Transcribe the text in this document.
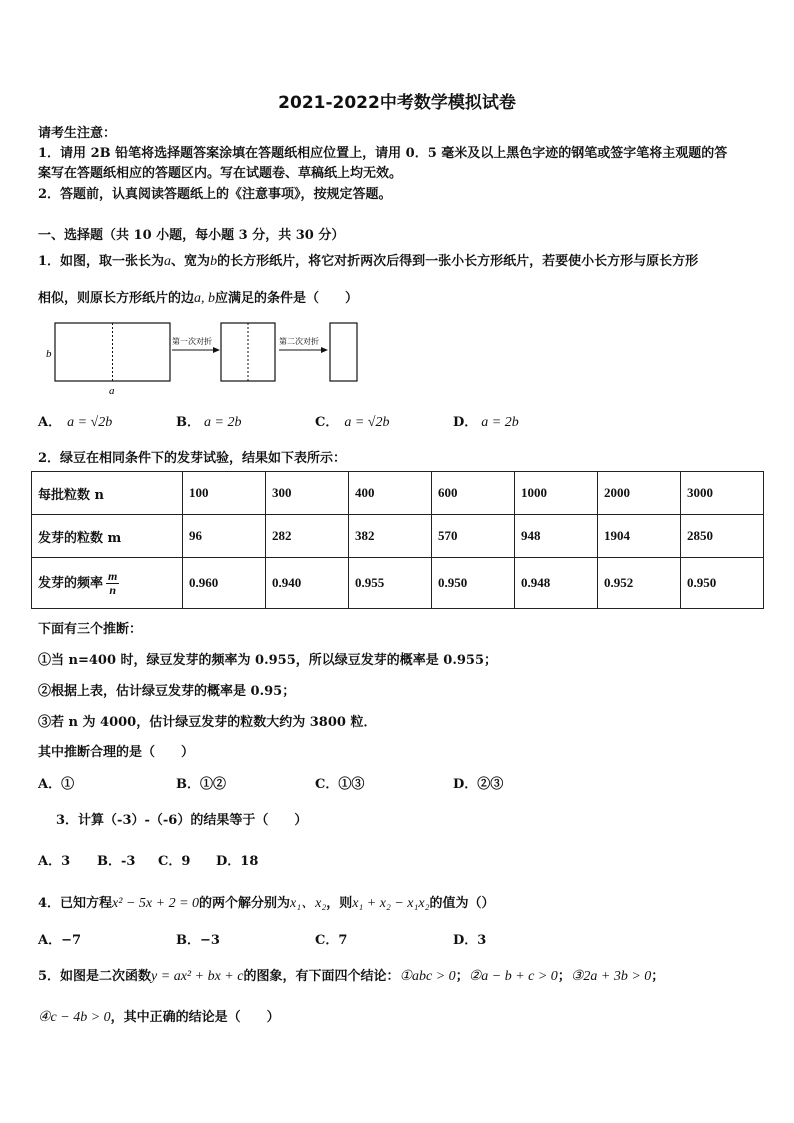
2021-2022中考数学模拟试卷
请考生注意：
1．请用 2B 铅笔将选择题答案涂填在答题纸相应位置上，请用 0．5 毫米及以上黑色字迹的钢笔或签字笔将主观题的答
案写在答题纸相应的答题区内。写在试题卷、草稿纸上均无效。
2．答题前，认真阅读答题纸上的《注意事项》，按规定答题。
一、选择题（共 10 小题，每小题 3 分，共 30 分）
1．如图，取一张长为a、宽为b的长方形纸片，将它对折两次后得到一张小长方形纸片，若要使小长方形与原长方形
相似，则原长方形纸片的边a, b应满足的条件是（　　）
b
a
第一次对折	第二次对折
A． a = √2b	B． a = 2b	C． a = √2b	D． a = 2b
2．绿豆在相同条件下的发芽试验，结果如下表所示：
每批粒数 n	100	300	400	600	1000	2000	3000
发芽的粒数 m	96	282	382	570	948	1904	2850
发芽的频率 $\frac{m}{n}$	0.960	0.940	0.955	0.950	0.948	0.952	0.950
下面有三个推断：
①当 n=400 时，绿豆发芽的频率为 0.955，所以绿豆发芽的概率是 0.955；
②根据上表，估计绿豆发芽的概率是 0.95；
③若 n 为 4000，估计绿豆发芽的粒数大约为 3800 粒．
其中推断合理的是（　　）
A．①	B．①②	C．①③	D．②③
3．计算（-3）-（-6）的结果等于（　　）
A．3 B．-3 C．9 D．18
4．已知方程x² − 5x + 2 = 0的两个解分别为x₁、x₂，则x₁ + x₂ − x₁x₂的值为（）
A．−7	B．−3	C．7	D．3
5．如图是二次函数y = ax² + bx + c的图象，有下面四个结论：①abc > 0；②a − b + c > 0；③2a + 3b > 0；
④c − 4b > 0，其中正确的结论是（　　）
